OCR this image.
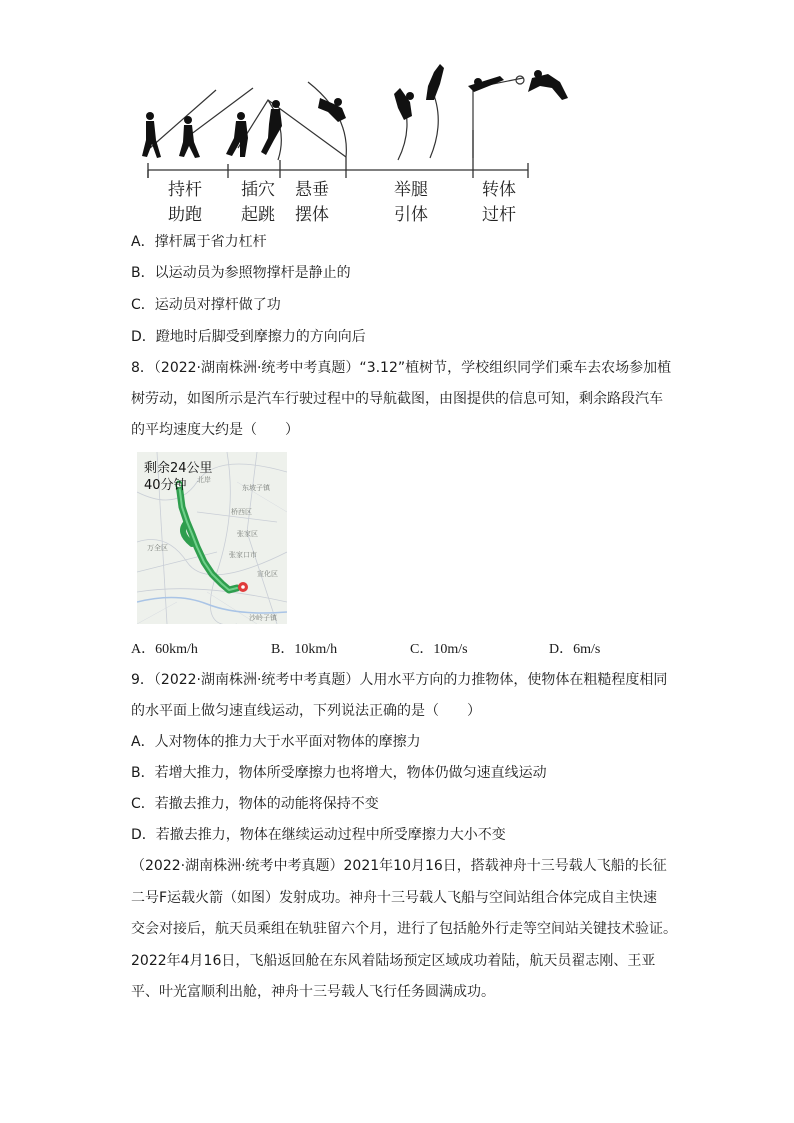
持杆
助跑
插穴
起跳
悬垂
摆体
举腿
引体
转体
过杆
A．撑杆属于省力杠杆
B．以运动员为参照物撑杆是静止的
C．运动员对撑杆做了功
D．蹬地时后脚受到摩擦力的方向向后
8．（2022·湖南株洲·统考中考真题）“3.12”植树节，学校组织同学们乘车去农场参加植
树劳动，如图所示是汽车行驶过程中的导航截图，由图提供的信息可知，剩余路段汽车
的平均速度大约是（　　）
剩余24公里
40分钟	东坡子镇
桥西区
张家区
张家口市
万全区
沙岭子镇
北岸
宣化区
A．60km/h	B．10km/h	C．10m/s	D．6m/s
9．（2022·湖南株洲·统考中考真题）人用水平方向的力推物体，使物体在粗糙程度相同
的水平面上做匀速直线运动，下列说法正确的是（　　）
A．人对物体的推力大于水平面对物体的摩擦力
B．若增大推力，物体所受摩擦力也将增大，物体仍做匀速直线运动
C．若撤去推力，物体的动能将保持不变
D．若撤去推力，物体在继续运动过程中所受摩擦力大小不变
（2022·湖南株洲·统考中考真题）2021年10月16日，搭载神舟十三号载人飞船的长征
二号F运载火箭（如图）发射成功。神舟十三号载人飞船与空间站组合体完成自主快速
交会对接后，航天员乘组在轨驻留六个月，进行了包括舱外行走等空间站关键技术验证。
2022年4月16日，飞船返回舱在东风着陆场预定区域成功着陆，航天员翟志刚、王亚
平、叶光富顺利出舱，神舟十三号载人飞行任务圆满成功。
